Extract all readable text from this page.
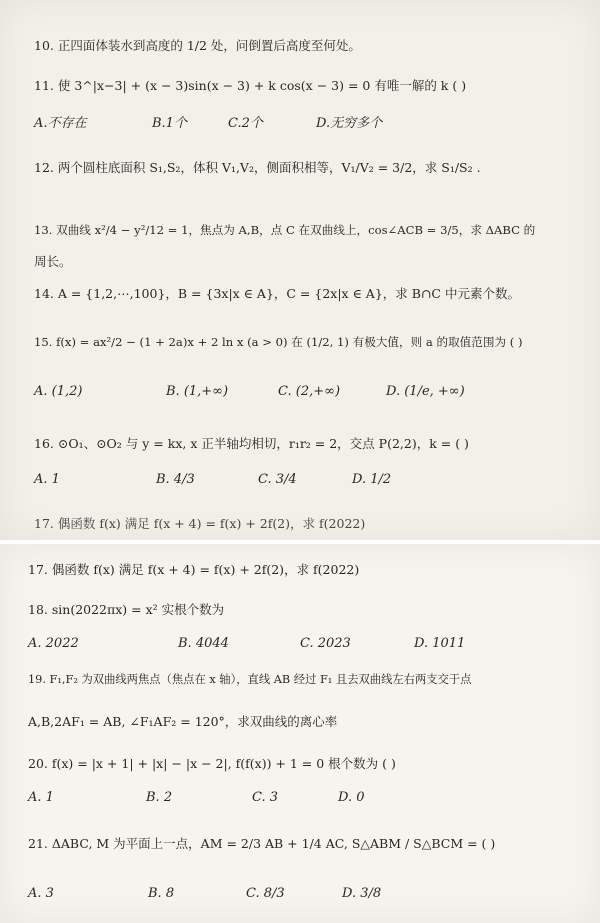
10. 正四面体装水到高度的 1/2 处，问倒置后高度至何处。
11. 使 3^|x−3| + (x − 3)sin(x − 3) + k cos(x − 3) = 0 有唯一解的 k ( )
A.不存在	B.1个	C.2个	D.无穷多个
12. 两个圆柱底面积 S₁,S₂，体积 V₁,V₂，侧面积相等，V₁/V₂ = 3/2，求 S₁/S₂ .
13. 双曲线 x²/4 − y²/12 = 1，焦点为 A,B，点 C 在双曲线上，cos∠ACB = 3/5，求 ΔABC 的
周长。
14. A = {1,2,⋯,100}，B = {3x|x ∈ A}，C = {2x|x ∈ A}，求 B∩C 中元素个数。
15. f(x) = ax²/2 − (1 + 2a)x + 2 ln x (a > 0) 在 (1/2, 1) 有极大值，则 a 的取值范围为 ( )
A. (1,2)	B. (1,+∞)	C. (2,+∞)	D. (1/e, +∞)
16. ⊙O₁、⊙O₂ 与 y = kx, x 正半轴均相切，r₁r₂ = 2，交点 P(2,2)，k = ( )
A. 1	B. 4/3	C. 3/4	D. 1/2
17. 偶函数 f(x) 满足 f(x + 4) = f(x) + 2f(2)，求 f(2022)
17. 偶函数 f(x) 满足 f(x + 4) = f(x) + 2f(2)，求 f(2022)
18. sin(2022πx) = x² 实根个数为
A. 2022	B. 4044	C. 2023	D. 1011
19. F₁,F₂ 为双曲线两焦点（焦点在 x 轴），直线 AB 经过 F₁ 且去双曲线左右两支交于点
A,B,2AF₁ = AB, ∠F₁AF₂ = 120°，求双曲线的离心率
20. f(x) = |x + 1| + |x| − |x − 2|, f(f(x)) + 1 = 0 根个数为 ( )
A. 1	B. 2	C. 3	D. 0
21. ΔABC, M 为平面上一点，AM = 2/3 AB + 1/4 AC, S△ABM / S△BCM = ( )
A. 3	B. 8	C. 8/3	D. 3/8
